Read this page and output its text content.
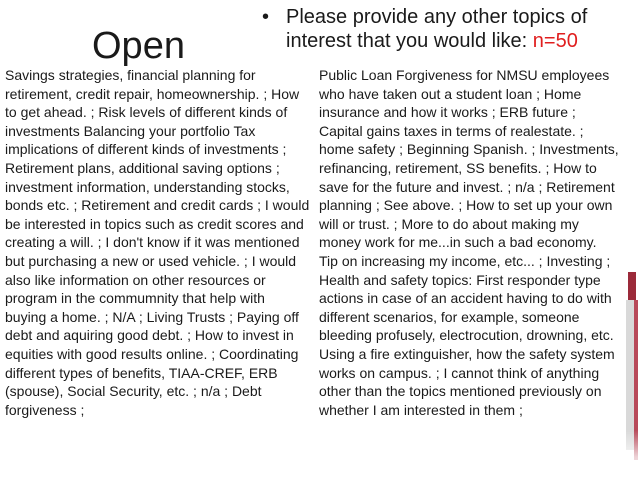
Open
• Please provide any other topics of interest that you would like: n=50
Savings strategies, financial planning for retirement, credit repair, homeownership. ; How to get ahead. ; Risk levels of different kinds of investments Balancing your portfolio Tax implications of different kinds of investments ; Retirement plans, additional saving options ; investment information, understanding stocks, bonds etc. ; Retirement and credit cards ; I would be interested in topics such as credit scores and creating a will. ; I don't know if it was mentioned but purchasing a new or used vehicle. ; I would also like information on other resources or program in the commumnity that help with buying a home. ; N/A ; Living Trusts ; Paying off debt and aquiring good debt. ; How to invest in equities with good results online. ; Coordinating different types of benefits, TIAA-CREF, ERB (spouse), Social Security, etc. ; n/a ; Debt forgiveness ;
Public Loan Forgiveness for NMSU employees who have taken out a student loan ; Home insurance and how it works ; ERB future ; Capital gains taxes in terms of realestate. ; home safety ; Beginning Spanish. ; Investments, refinancing, retirement, SS benefits. ; How to save for the future and invest. ; n/a ; Retirement planning ; See above. ; How to set up your own will or trust. ; More to do about making my money work for me...in such a bad economy. Tip on increasing my income, etc... ; Investing ; Health and safety topics: First responder type actions in case of an accident having to do with different scenarios, for example, someone bleeding profusely, electrocution, drowning, etc. Using a fire extinguisher, how the safety system works on campus. ; I cannot think of anything other than the topics mentioned previously on whether I am interested in them ;
